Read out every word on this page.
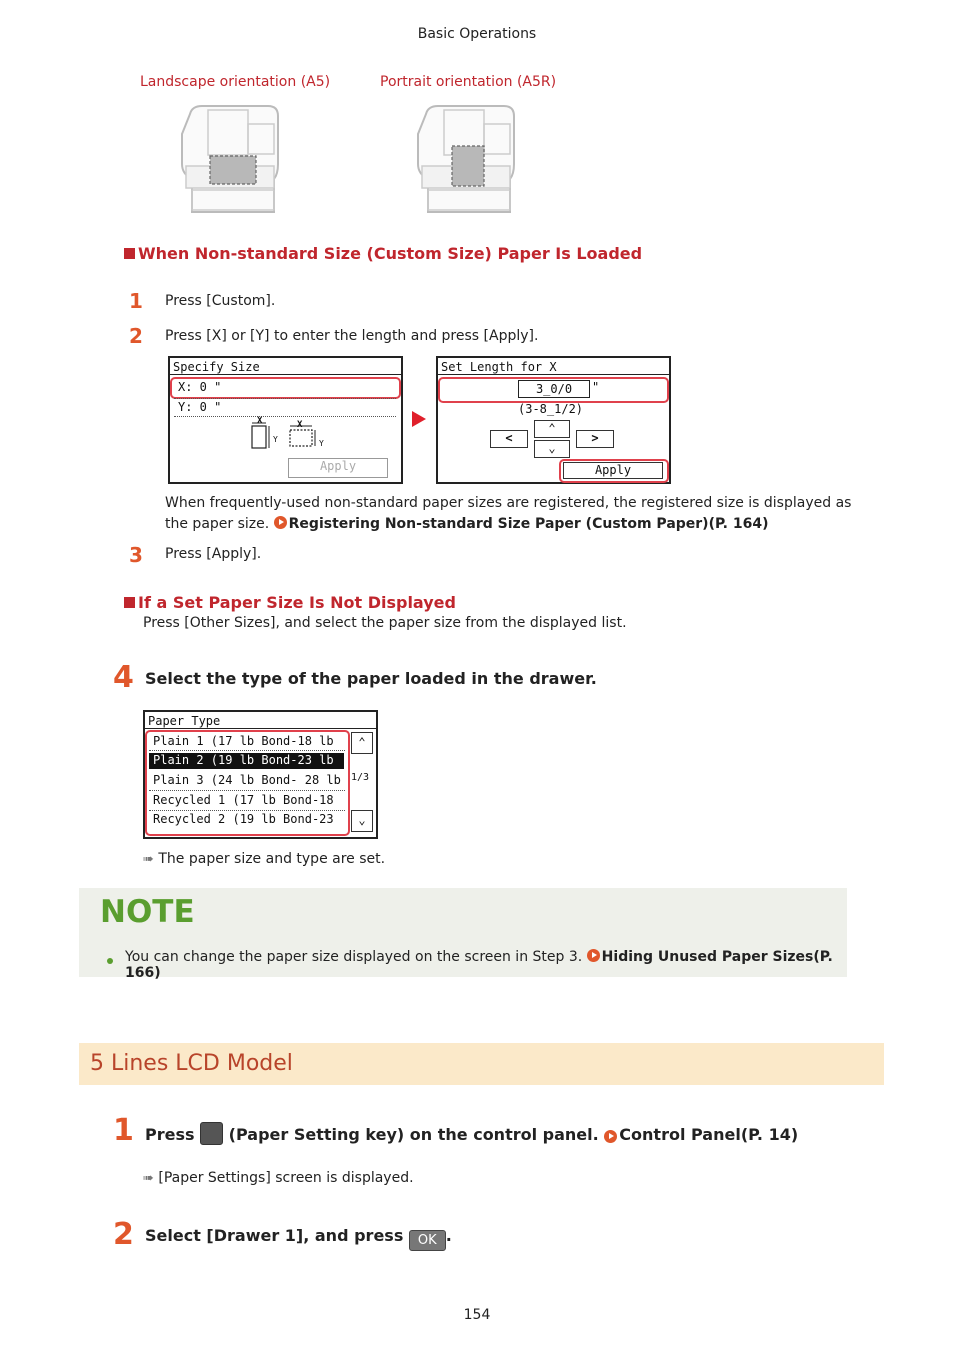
Basic Operations
Landscape orientation (A5)	Portrait orientation (A5R)
When Non-standard Size (Custom Size) Paper Is Loaded
1 Press [Custom].
2 Press [X] or [Y] to enter the length and press [Apply].
Specify Size
X: 0 "
Y: 0 "
X	X
Y	Y
Apply
Set Length for X
3_0/0	"
(3-8_1/2)
⌃
<	>
⌄
Apply
When frequently-used non-standard paper sizes are registered, the registered size is displayed as the paper size. Registering Non-standard Size Paper (Custom Paper)(P. 164)
3 Press [Apply].
If a Set Paper Size Is Not Displayed
Press [Other Sizes], and select the paper size from the displayed list.
4 Select the type of the paper loaded in the drawer.
Paper Type
Plain 1 (17 lb Bond-18 lb
Plain 2 (19 lb Bond-23 lb
Plain 3 (24 lb Bond- 28 lb
Recycled 1 (17 lb Bond-18
Recycled 2 (19 lb Bond-23
⌃
1/3
⌄
➠ The paper size and type are set.
NOTE
You can change the paper size displayed on the screen in Step 3. Hiding Unused Paper Sizes(P. 166)
5 Lines LCD Model
1 Press (Paper Setting key) on the control panel. Control Panel(P. 14)
➠ [Paper Settings] screen is displayed.
2 Select [Drawer 1], and press OK .
154
